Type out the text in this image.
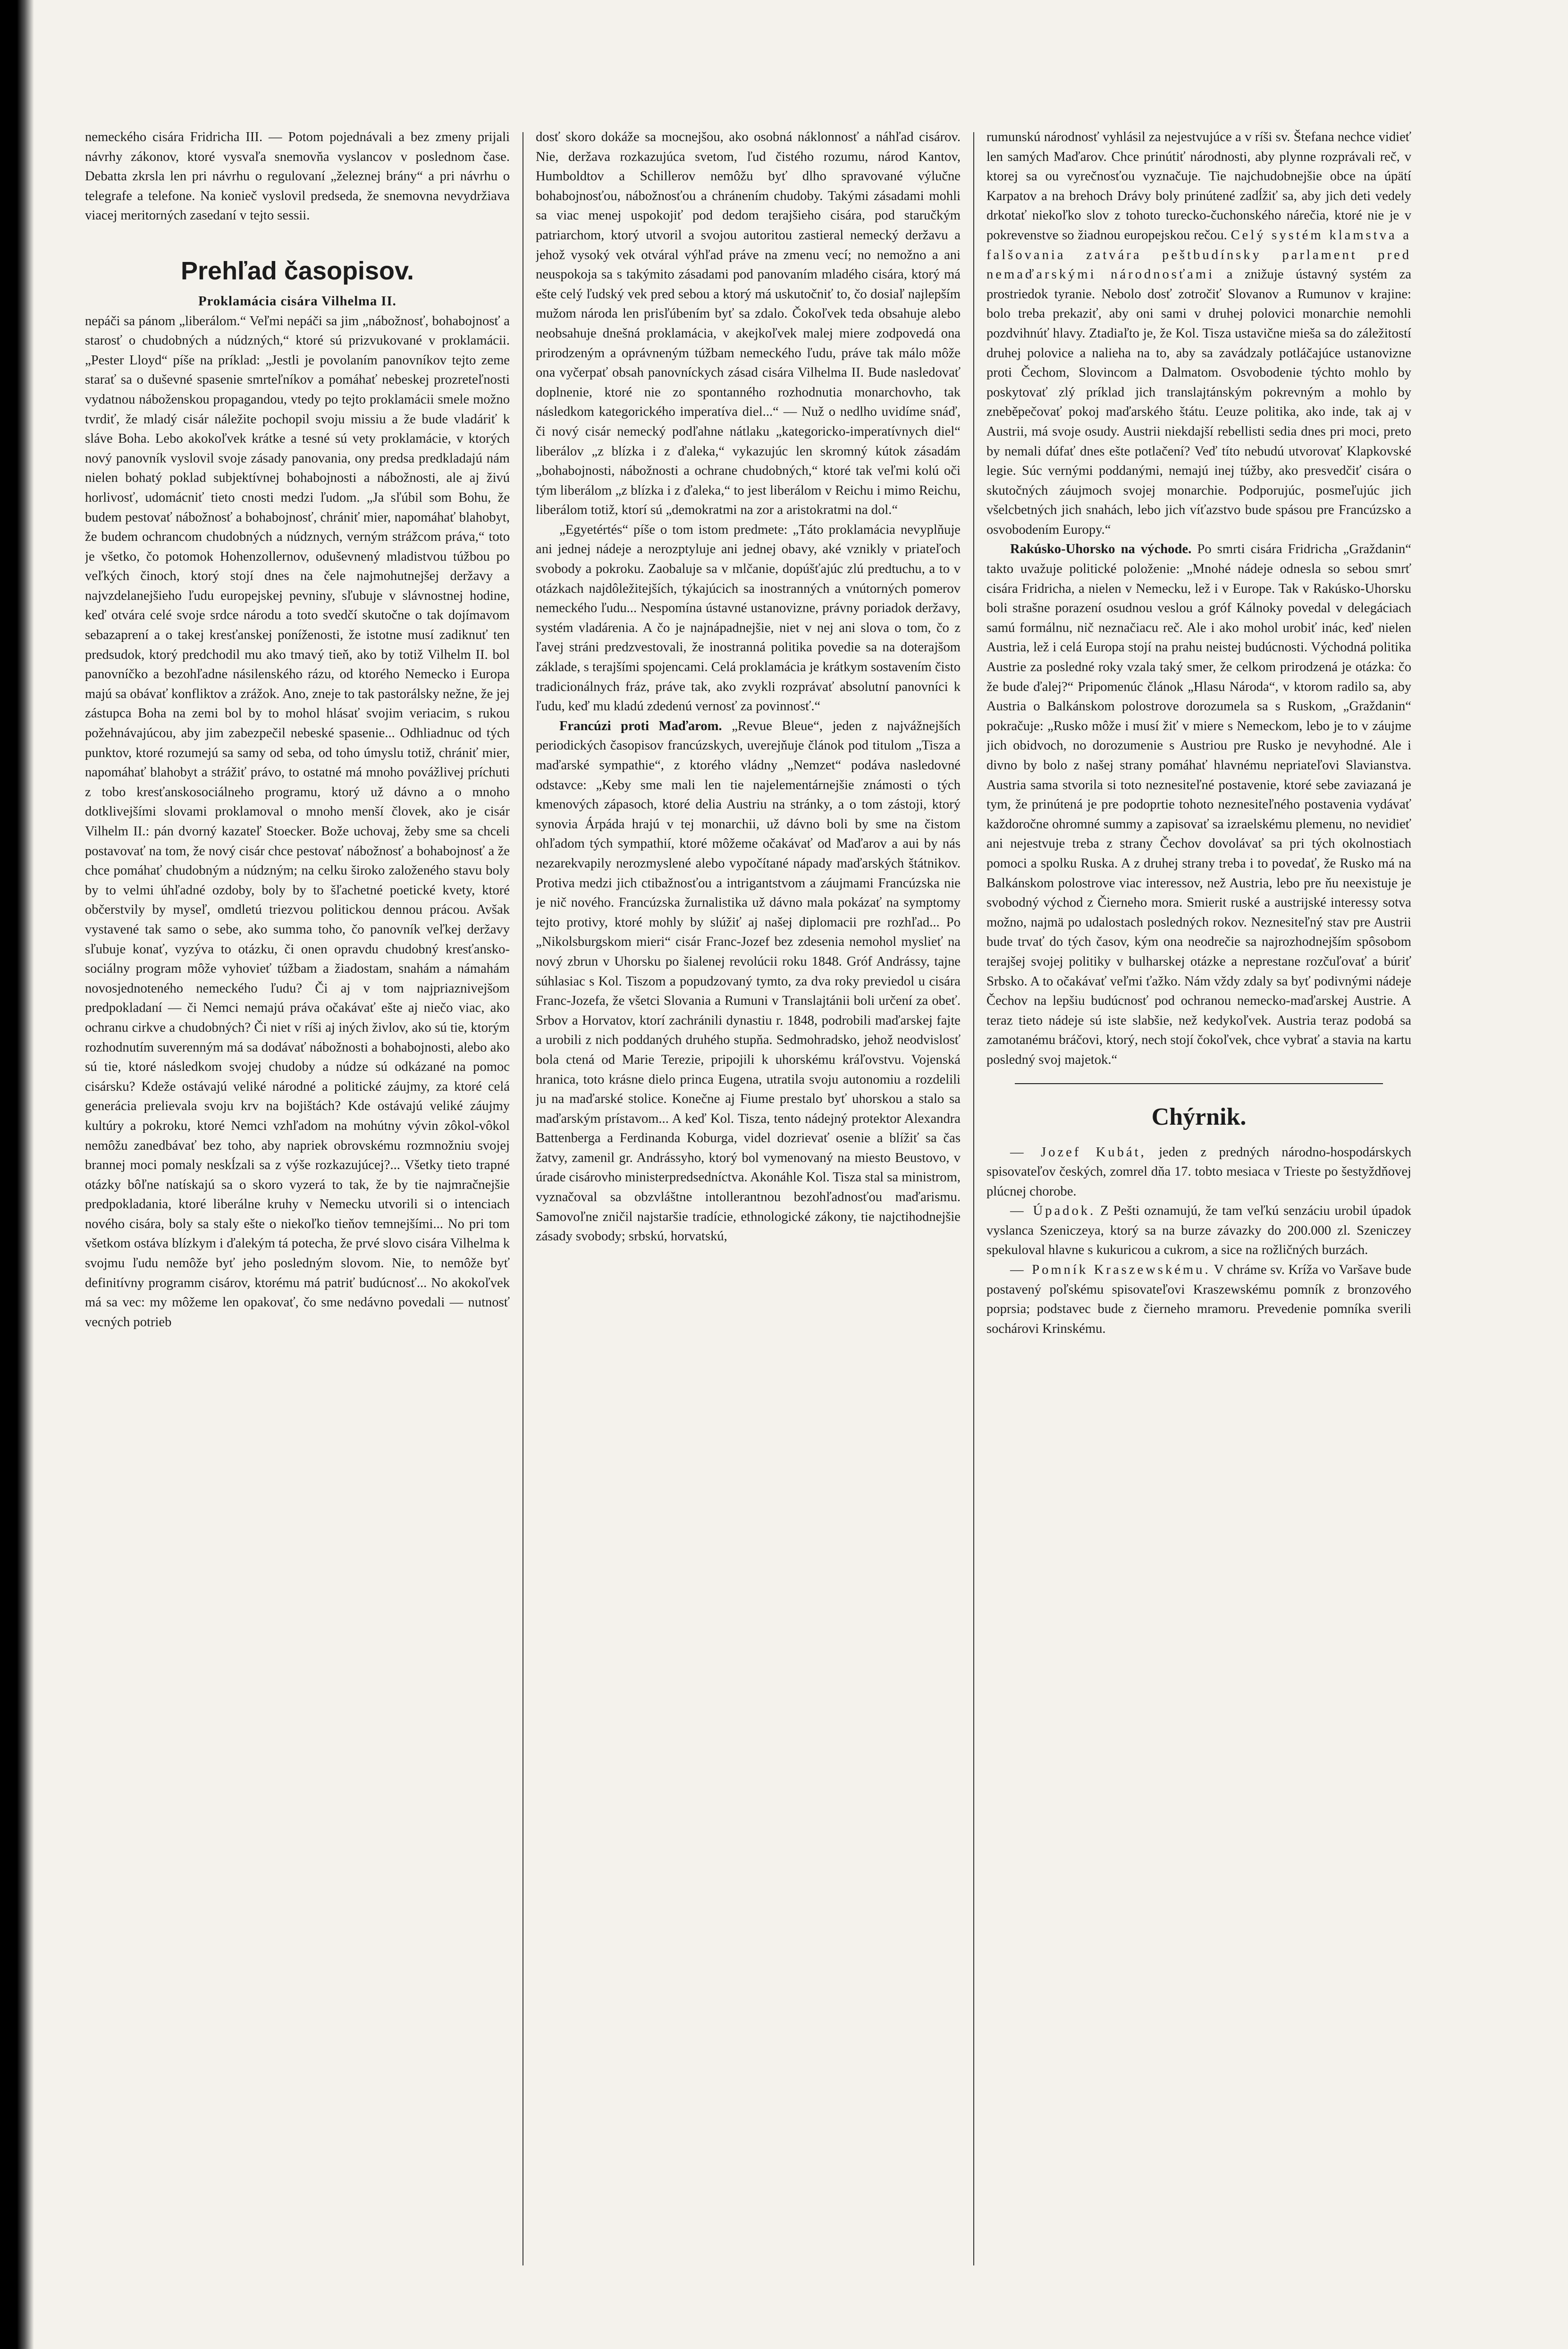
nemeckého cisára Fridricha III. — Potom pojednávali a bez zmeny prijali návrhy zákonov, ktoré vysvaľa snemovňa vyslancov v poslednom čase. Debatta zkrsla len pri návrhu o regulovaní „železnej brány“ a pri návrhu o telegrafe a telefone. Na konieč vyslovil predseda, že snemovna nevydržiava viacej meritorných zasedaní v tejto sessii.

Prehľad časopisov.
Proklamácia cisára Vilhelma II.

nepáči sa pánom „liberálom.“ Veľmi nepáči sa jim „nábožnosť, bohabojnosť a starosť o chudobných a núdzných,“ ktoré sú prizvukované v proklamácii. „Pester Lloyd“ píše na príklad: „Jestli je povolaním panovníkov tejto zeme starať sa o duševné spasenie smrteľníkov a pomáhať nebeskej prozreteľnosti vydatnou náboženskou propagandou, vtedy po tejto proklamácii smele možno tvrdiť, že mladý cisár náležite pochopil svoju missiu a že bude vladáriť k sláve Boha. Lebo akokoľvek krátke a tesné sú vety proklamácie, v ktorých nový panovník vyslovil svoje zásady panovania, ony predsa predkladajú nám nielen bohatý poklad subjektívnej bohabojnosti a nábožnosti, ale aj živú horlivosť, udomácniť tieto cnosti medzi ľudom. „Ja sľúbil som Bohu, že budem pestovať nábožnosť a bohabojnosť, chrániť mier, napomáhať blahobyt, že budem ochrancom chudobných a núdznych, verným strážcom práva,“ toto je všetko, čo potomok Hohenzollernov, oduševnený mladistvou túžbou po veľkých činoch, ktorý stojí dnes na čele najmohutnejšej deržavy a najvzdelanejšieho ľudu europejskej pevniny, sľubuje v slávnostnej hodine, keď otvára celé svoje srdce národu a toto svedčí skutočne o tak dojímavom sebazaprení a o takej kresťanskej poníženosti, že istotne musí zadiknuť ten predsudok, ktorý predchodil mu ako tmavý tieň, ako by totiž Vilhelm II. bol panovníčko a bezohľadne násilenského rázu, od ktorého Nemecko i Europa majú sa obávať konfliktov a zrážok. Ano, zneje to tak pastorálsky nežne, že jej zástupca Boha na zemi bol by to mohol hlásať svojim veriacim, s rukou požehnávajúcou, aby jim zabezpečil nebeské spasenie... Odhliadnuc od tých punktov, ktoré rozumejú sa samy od seba, od toho úmyslu totiž, chrániť mier, napomáhať blahobyt a strážiť právo, to ostatné má mnoho povážlivej príchuti z tobo kresťanskosociálneho programu, ktorý už dávno a o mnoho dotklivejšími slovami proklamoval o mnoho menší človek, ako je cisár Vilhelm II.: pán dvorný kazateľ Stoecker. Bože uchovaj, žeby sme sa chceli postavovať na tom, že nový cisár chce pestovať nábožnosť a bohabojnosť a že chce pomáhať chudobným a núdzným; na celku široko založeného stavu boly by to velmi úhľadné ozdoby, boly by to šľachetné poetické kvety, ktoré občerstvily by myseľ, omdletú triezvou politickou dennou prácou. Avšak vystavené tak samo o sebe, ako summa toho, čo panovník veľkej deržavy sľubuje konať, vyzýva to otázku, či onen opravdu chudobný kresťansko-sociálny program môže vyhovieť túžbam a žiadostam, snahám a námahám novosjednoteného nemeckého ľudu? Či aj v tom najpriaznivejšom predpokladaní — či Nemci nemajú práva očakávať ešte aj niečo viac, ako ochranu cirkve a chudobných? Či niet v ríši aj iných živlov, ako sú tie, ktorým rozhodnutím suverenným má sa dodávať nábožnosti a bohabojnosti, alebo ako sú tie, ktoré následkom svojej chudoby a núdze sú odkázané na pomoc cisársku? Kdeže ostávajú veliké národné a politické záujmy, za ktoré celá generácia prelievala svoju krv na bojištách? Kde ostávajú veliké záujmy kultúry a pokroku, ktoré Nemci vzhľadom na mohútny vývin zôkol-vôkol nemôžu zanedbávať bez toho, aby napriek obrovskému rozmnožniu svojej brannej moci pomaly neskĺzali sa z výše rozkazujúcej?... Všetky tieto trapné otázky bôľne natískajú sa o skoro vyzerá to tak, že by tie najmračnejšie predpokladania, ktoré liberálne kruhy v Nemecku utvorili si o intenciach nového cisára, boly sa staly ešte o niekoľko tieňov temnejšími... No pri tom všetkom ostáva blízkym i ďalekým tá potecha, že prvé slovo cisára Vilhelma k svojmu ľudu nemôže byť jeho posledným slovom. Nie, to nemôže byť definitívny programm cisárov, ktorému má patriť budúcnosť... No akokoľvek má sa vec: my môžeme len opakovať, čo sme nedávno povedali — nutnosť vecných potrieb

dosť skoro dokáže sa mocnejšou, ako osobná náklonnosť a náhľad cisárov. Nie, deržava rozkazujúca svetom, ľud čistého rozumu, národ Kantov, Humboldtov a Schillerov nemôžu byť dlho spravované výlučne bohabojnosťou, nábožnosťou a chránením chudoby. Takými zásadami mohli sa viac menej uspokojiť pod dedom terajšieho cisára, pod staručkým patriarchom, ktorý utvoril a svojou autoritou zastieral nemecký deržavu a jehož vysoký vek otváral výhľad práve na zmenu vecí; no nemožno a ani neuspokoja sa s takýmito zásadami pod panovaním mladého cisára, ktorý má ešte celý ľudský vek pred sebou a ktorý má uskutočniť to, čo dosiaľ najlepším mužom národa len prisľúbením byť sa zdalo. Čokoľvek teda obsahuje alebo neobsahuje dnešná proklamácia, v akejkoľvek malej miere zodpovedá ona prirodzeným a oprávneným túžbam nemeckého ľudu, práve tak málo môže ona vyčerpať obsah panovníckych zásad cisára Vilhelma II. Bude nasledovať doplnenie, ktoré nie zo spontanného rozhodnutia monarchovho, tak následkom kategorického imperatíva diel...“ — Nuž o nedlho uvidíme snáď, či nový cisár nemecký podľahne nátlaku „kategoricko-imperatívnych diel“ liberálov „z blízka i z ďaleka,“ vykazujúc len skromný kútok zásadám „bohabojnosti, nábožnosti a ochrane chudobných,“ ktoré tak veľmi kolú oči tým liberálom „z blízka i z ďaleka,“ to jest liberálom v Reichu i mimo Reichu, liberálom totiž, ktorí sú „demokratmi na zor a aristokratmi na dol.“

„Egyetértés“ píše o tom istom predmete: „Táto proklamácia nevyplňuje ani jednej nádeje a nerozptyluje ani jednej obavy, aké vznikly v priateľoch svobody a pokroku. Zaobaluje sa v mlčanie, dopúšťajúc zlú predtuchu, a to v otázkach najdôležitejších, týkajúcich sa inostranných a vnútorných pomerov nemeckého ľudu... Nespomína ústavné ustanovizne, právny poriadok deržavy, systém vladárenia. A čo je najnápadnejšie, niet v nej ani slova o tom, čo z ľavej stráni predzvestovali, že inostranná politika povedie sa na doterajšom základe, s terajšími spojencami. Celá proklamácia je krátkym sostavením čisto tradicionálnych fráz, práve tak, ako zvykli rozprávať absolutní panovníci k ľudu, keď mu kladú zdedenú vernosť za povinnosť.“

Francúzi proti Maďarom. „Revue Bleue“, jeden z najvážnejších periodických časopisov francúzskych, uverejňuje článok pod titulom „Tisza a maďarské sympathie“, z ktorého vládny „Nemzet“ podáva nasledovné odstavce: „Keby sme mali len tie najelementárnejšie známosti o tých kmenových zápasoch, ktoré delia Austriu na stránky, a o tom zástoji, ktorý synovia Árpáda hrajú v tej monarchii, už dávno boli by sme na čistom ohľadom tých sympathií, ktoré môžeme očakávať od Maďarov a aui by nás nezarekvapily nerozmyslené alebo vypočítané nápady maďarských štátnikov. Protiva medzi jich ctibažnosťou a intrigantstvom a záujmami Francúzska nie je nič nového. Francúzska žurnalistika už dávno mala pokázať na symptomy tejto protivy, ktoré mohly by slúžiť aj našej diplomacii pre rozhľad... Po „Nikolsburgskom mieri“ cisár Franc-Jozef bez zdesenia nemohol myslieť na nový zbrun v Uhorsku po šialenej revolúcii roku 1848. Gróf Andrássy, tajne súhlasiac s Kol. Tiszom a popudzovaný tymto, za dva roky previedol u cisára Franc-Jozefa, že všetci Slovania a Rumuni v Translajtánii boli určení za obeť. Srbov a Horvatov, ktorí zachránili dynastiu r. 1848, podrobili maďarskej fajte a urobili z nich poddaných druhého stupňa. Sedmohradsko, jehož neodvislosť bola ctená od Marie Terezie, pripojili k uhorskému kráľovstvu. Vojenská hranica, toto krásne dielo princa Eugena, utratila svoju autonomiu a rozdelili ju na maďarské stolice. Konečne aj Fiume prestalo byť uhorskou a stalo sa maďarským prístavom... A keď Kol. Tisza, tento nádejný protektor Alexandra Battenberga a Ferdinanda Koburga, videl dozrievať osenie a blížiť sa čas žatvy, zamenil gr. Andrássyho, ktorý bol vymenovaný na miesto Beustovo, v úrade cisárovho ministerpredsedníctva. Akonáhle Kol. Tisza stal sa ministrom, vyznačoval sa obzvláštne intollerantnou bezohľadnosťou maďarismu. Samovoľne zničil najstaršie tradície, ethnologické zákony, tie najctihodnejšie zásady svobody; srbskú, horvatskú,

rumunskú národnosť vyhlásil za nejestvujúce a v ríši sv. Štefana nechce vidieť len samých Maďarov. Chce prinútiť národnosti, aby plynne rozprávali reč, v ktorej sa ou vyrečnosťou vyznačuje. Tie najchudobnejšie obce na úpätí Karpatov a na brehoch Drávy boly prinútené zadĺžiť sa, aby jich deti vedely drkotať niekoľko slov z tohoto turecko-čuchonského nárečia, ktoré nie je v pokrevenstve so žiadnou europejskou rečou. Celý systém klamstva a falšovania zatvára peštbudínsky parlament pred nemaďarskými národnosťami a znižuje ústavný systém za prostriedok tyranie. Nebolo dosť zotročiť Slovanov a Rumunov v krajine: bolo treba prekaziť, aby oni sami v druhej polovici monarchie nemohli pozdvihnúť hlavy. Ztadiaľto je, že Kol. Tisza ustavične mieša sa do záležitostí druhej polovice a nalieha na to, aby sa zavádzaly potláčajúce ustanovizne proti Čechom, Slovincom a Dalmatom. Osvobodenie týchto mohlo by poskytovať zlý príklad jich translajtánským pokrevným a mohlo by zneběpečovať pokoj maďarského štátu. Ľeuze politika, ako inde, tak aj v Austrii, má svoje osudy. Austrii niekdajší rebellisti sedia dnes pri moci, preto by nemali dúfať dnes ešte potlačení? Veď títo nebudú utvorovať Klapkovské legie. Súc vernými poddanými, nemajú inej túžby, ako presvedčiť cisára o skutočných záujmoch svojej monarchie. Podporujúc, posmeľujúc jich všelcbetných jich snahách, lebo jich víťazstvo bude spásou pre Francúzsko a osvobodením Europy.“

Rakúsko-Uhorsko na východe. Po smrti cisára Fridricha „Graždanin“ takto uvažuje politické položenie: „Mnohé nádeje odnesla so sebou smrť cisára Fridricha, a nielen v Nemecku, lež i v Europe. Tak v Rakúsko-Uhorsku boli strašne porazení osudnou veslou a gróf Kálnoky povedal v delegáciach samú formálnu, nič neznačiacu reč. Ale i ako mohol urobiť inác, keď nielen Austria, lež i celá Europa stojí na prahu neistej budúcnosti. Východná politika Austrie za posledné roky vzala taký smer, že celkom prirodzená je otázka: čo že bude ďalej?“ Pripomenúc článok „Hlasu Národa“, v ktorom radilo sa, aby Austria o Balkánskom polostrove dorozumela sa s Ruskom, „Graždanin“ pokračuje: „Rusko môže i musí žiť v miere s Nemeckom, lebo je to v záujme jich obidvoch, no dorozumenie s Austriou pre Rusko je nevyhodné. Ale i divno by bolo z našej strany pomáhať hlavnému nepriateľovi Slavianstva. Austria sama stvorila si toto neznesiteľné postavenie, ktoré sebe zaviazaná je tym, že prinútená je pre podoprtie tohoto neznesiteľného postavenia vydávať každoročne ohromné summy a zapisovať sa izraelskému plemenu, no nevidieť ani nejestvuje treba z strany Čechov dovolávať sa pri tých okolnostiach pomoci a spolku Ruska. A z druhej strany treba i to povedať, že Rusko má na Balkánskom polostrove viac interessov, než Austria, lebo pre ňu neexistuje je svobodný východ z Čierneho mora. Smierit ruské a austrijské interessy sotva možno, najmä po udalostach posledných rokov. Neznesiteľný stav pre Austrii bude trvať do tých časov, kým ona neodrečie sa najrozhodnejším spôsobom terajšej svojej politiky v bulharskej otázke a neprestane rozčuľovať a búriť Srbsko. A to očakávať veľmi ťažko. Nám vždy zdaly sa byť podivnými nádeje Čechov na lepšiu budúcnosť pod ochranou nemecko-maďarskej Austrie. A teraz tieto nádeje sú iste slabšie, než kedykoľvek. Austria teraz podobá sa zamotanému bráčovi, ktorý, nech stojí čokoľvek, chce vybrať a stavia na kartu posledný svoj majetok.“

Chýrnik.

— Jozef Kubát, jeden z predných národno-hospodárskych spisovateľov českých, zomrel dňa 17. tobto mesiaca v Trieste po šestyždňovej plúcnej chorobe.

— Úpadok. Z Pešti oznamujú, že tam veľkú senzáciu urobil úpadok vyslanca Szeniczeya, ktorý sa na burze závazky do 200.000 zl. Szeniczey spekuloval hlavne s kukuricou a cukrom, a sice na rožličných burzách.

— Pomník Kraszewskému. V chráme sv. Kríža vo Varšave bude postavený poľskému spisovateľovi Kraszewskému pomník z bronzového poprsia; podstavec bude z čierneho mramoru. Prevedenie pomníka sverili sochárovi Krinskému.
